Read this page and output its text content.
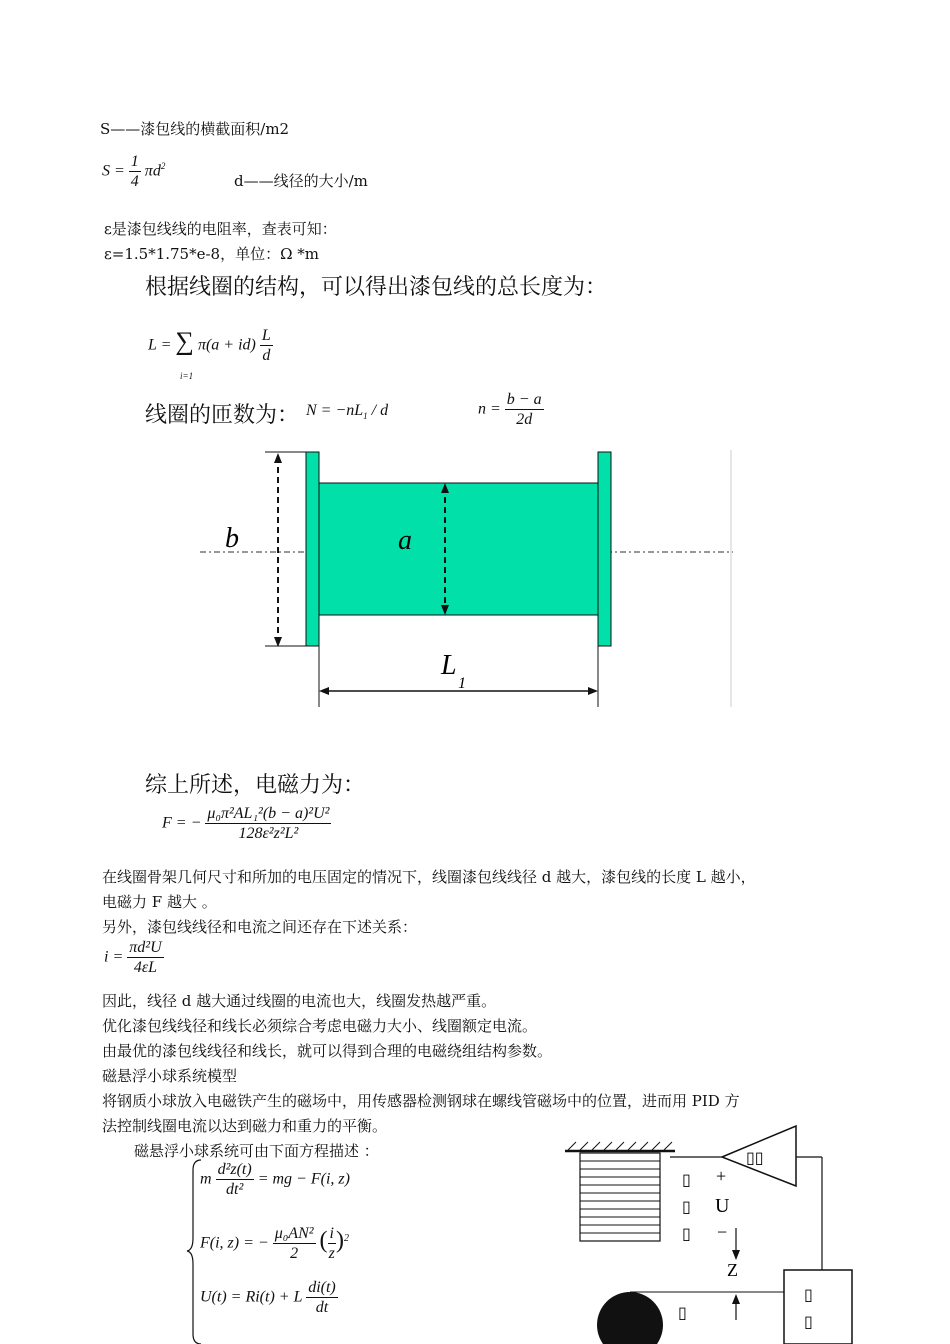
S——漆包线的横截面积/m2
$S = \frac{1}{4} \pi d^2$
d——线径的大小/m
ε是漆包线线的电阻率，查表可知：
ε=1.5*1.75*e-8，单位：Ω *m
根据线圈的结构，可以得出漆包线的总长度为：
L = ∑ $\pi(a + id) \frac{L}{d}$
i=1
线圈的匝数为： $N = -nL_1 / d$	$n = \frac{b - a}{2d}$
b	a
L
1
综上所述，电磁力为：
F = − $\frac{\text{μ₀π²AL₁²(b − a)²U²}}{\text{128ε²z²L²}}$
在线圈骨架几何尺寸和所加的电压固定的情况下，线圈漆包线线径 d 越大，漆包线的长度 L 越小，
电磁力 F 越大 。
另外，漆包线线径和电流之间还存在下述关系：
$i = \frac{\text{πd²U}}{4\varepsilon L}$
因此，线径 d 越大通过线圈的电流也大，线圈发热越严重。
优化漆包线线径和线长必须综合考虑电磁力大小、线圈额定电流。
由最优的漆包线线径和线长，就可以得到合理的电磁绕组结构参数。
磁悬浮小球系统模型
将钢质小球放入电磁铁产生的磁场中，用传感器检测钢球在螺线管磁场中的位置，进而用 PID 方
法控制线圈电流以达到磁力和重力的平衡。
磁悬浮小球系统可由下面方程描述 ：
m $\frac{\text{d²z(t)}}{\text{dt²}}$ = mg − F(i, z)
F(i, z) = − $\frac{\text{μ₀AN²}}{2}$ ( $\frac{i}{z} )^2$
U(t) = Ri(t) + L $\frac{di(t)}{dt}$
▯
▯
▯
▯▯
+
U
−
Z
▯
▯
▯
